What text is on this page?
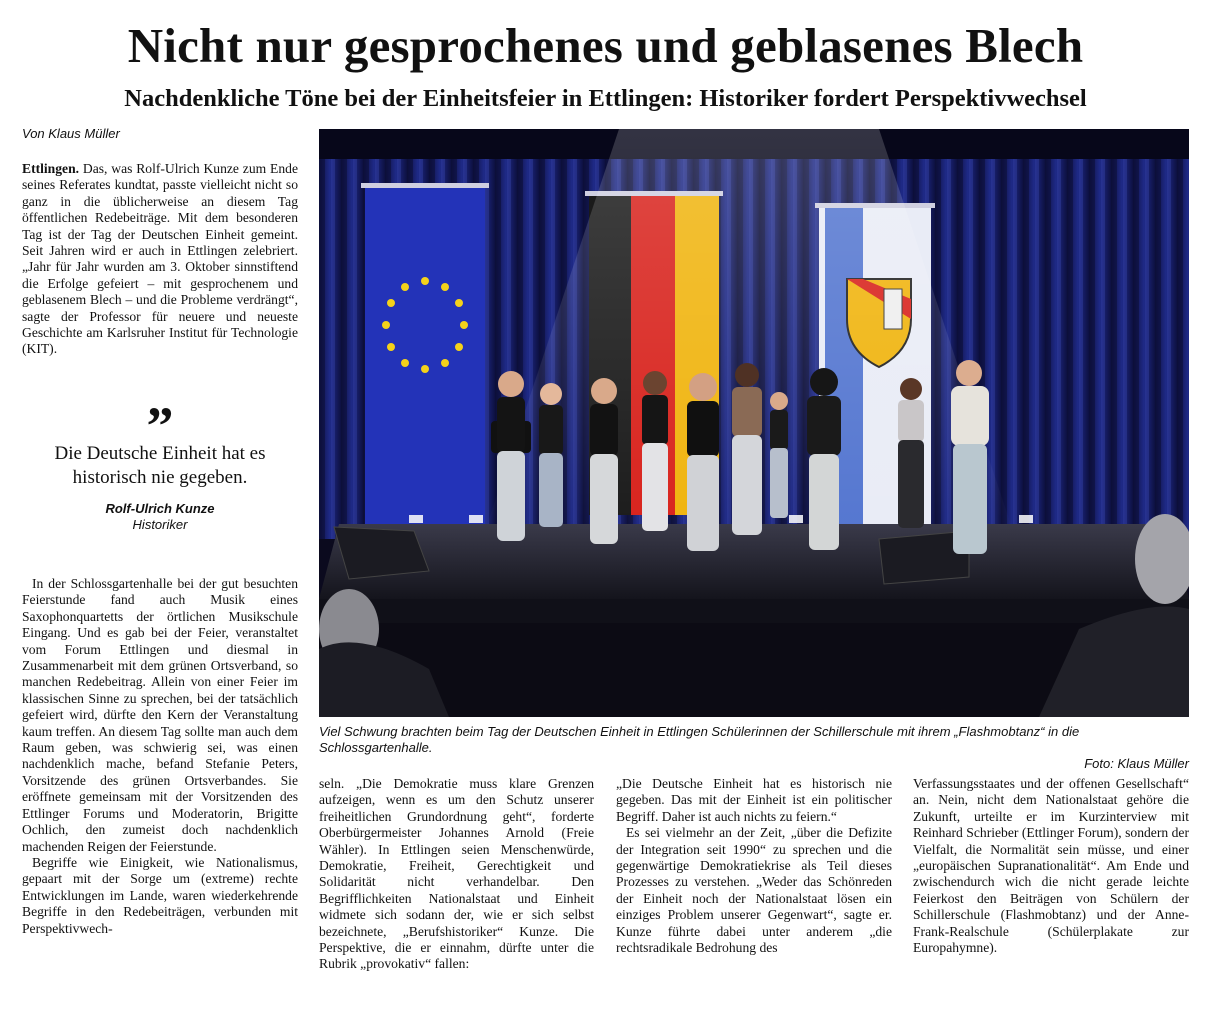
Nicht nur gesprochenes und geblasenes Blech
Nachdenkliche Töne bei der Einheitsfeier in Ettlingen: Historiker fordert Perspektivwechsel
Von Klaus Müller

Ettlingen. Das, was Rolf-Ulrich Kunze zum Ende seines Referates kundtat, passte vielleicht nicht so ganz in die üblicherweise an diesem Tag öffentlichen Redebeiträge. Mit dem besonderen Tag ist der Tag der Deutschen Einheit gemeint. Seit Jahren wird er auch in Ettlingen zelebriert. „Jahr für Jahr wurden am 3. Oktober sinnstiftend die Erfolge gefeiert – mit gesprochenem und geblasenem Blech – und die Probleme verdrängt“, sagte der Professor für neuere und neueste Geschichte am Karlsruher Institut für Technologie (KIT).

”
Die Deutsche Einheit hat es historisch nie gegeben.
Rolf-Ulrich Kunze
Historiker

In der Schlossgartenhalle bei der gut besuchten Feierstunde fand auch Musik eines Saxophonquartetts der örtlichen Musikschule Eingang. Und es gab bei der Feier, veranstaltet vom Forum Ettlingen und diesmal in Zusammenarbeit mit dem grünen Ortsverband, so manchen Redebeitrag. Allein von einer Feier im klassischen Sinne zu sprechen, bei der tatsächlich gefeiert wird, dürfte den Kern der Veranstaltung kaum treffen. An diesem Tag sollte man auch dem Raum geben, was schwierig sei, was einen nachdenklich mache, befand Stefanie Peters, Vorsitzende des grünen Ortsverbandes. Sie eröffnete gemeinsam mit der Vorsitzenden des Ettlinger Forums und Moderatorin, Brigitte Ochlich, den zumeist doch nachdenklich machenden Reigen der Feierstunde.

Begriffe wie Einigkeit, wie Nationalismus, gepaart mit der Sorge um (extreme) rechte Entwicklungen im Lande, waren wiederkehrende Begriffe in den Redebeiträgen, verbunden mit Perspektivwech-

Viel Schwung brachten beim Tag der Deutschen Einheit in Ettlingen Schülerinnen der Schillerschule mit ihrem „Flashmobtanz“ in die Schlossgartenhalle.
Foto: Klaus Müller

seln. „Die Demokratie muss klare Grenzen aufzeigen, wenn es um den Schutz unserer freiheitlichen Grundordnung geht“, forderte Oberbürgermeister Johannes Arnold (Freie Wähler). In Ettlingen seien Menschenwürde, Demokratie, Freiheit, Gerechtigkeit und Solidarität nicht verhandelbar. Den Begrifflichkeiten Nationalstaat und Einheit widmete sich sodann der, wie er sich selbst bezeichnete, „Berufshistoriker“ Kunze. Die Perspektive, die er einnahm, dürfte unter die Rubrik „provokativ“ fallen:

„Die Deutsche Einheit hat es historisch nie gegeben. Das mit der Einheit ist ein politischer Begriff. Daher ist auch nichts zu feiern.“

Es sei vielmehr an der Zeit, „über die Defizite der Integration seit 1990“ zu sprechen und die gegenwärtige Demokratiekrise als Teil dieses Prozesses zu verstehen. „Weder das Schönreden der Einheit noch der Nationalstaat lösen ein einziges Problem unserer Gegenwart“, sagte er. Kunze führte dabei unter anderem „die rechtsradikale Bedrohung des

Verfassungsstaates und der offenen Gesellschaft“ an. Nein, nicht dem Nationalstaat gehöre die Zukunft, urteilte er im Kurzinterview mit Reinhard Schrieber (Ettlinger Forum), sondern der Vielfalt, die Normalität sein müsse, und einer „europäischen Supranationalität“. Am Ende und zwischendurch wich die nicht gerade leichte Feierkost den Beiträgen von Schülern der Schillerschule (Flashmobtanz) und der Anne-Frank-Realschule (Schülerplakate zur Europahymne).
